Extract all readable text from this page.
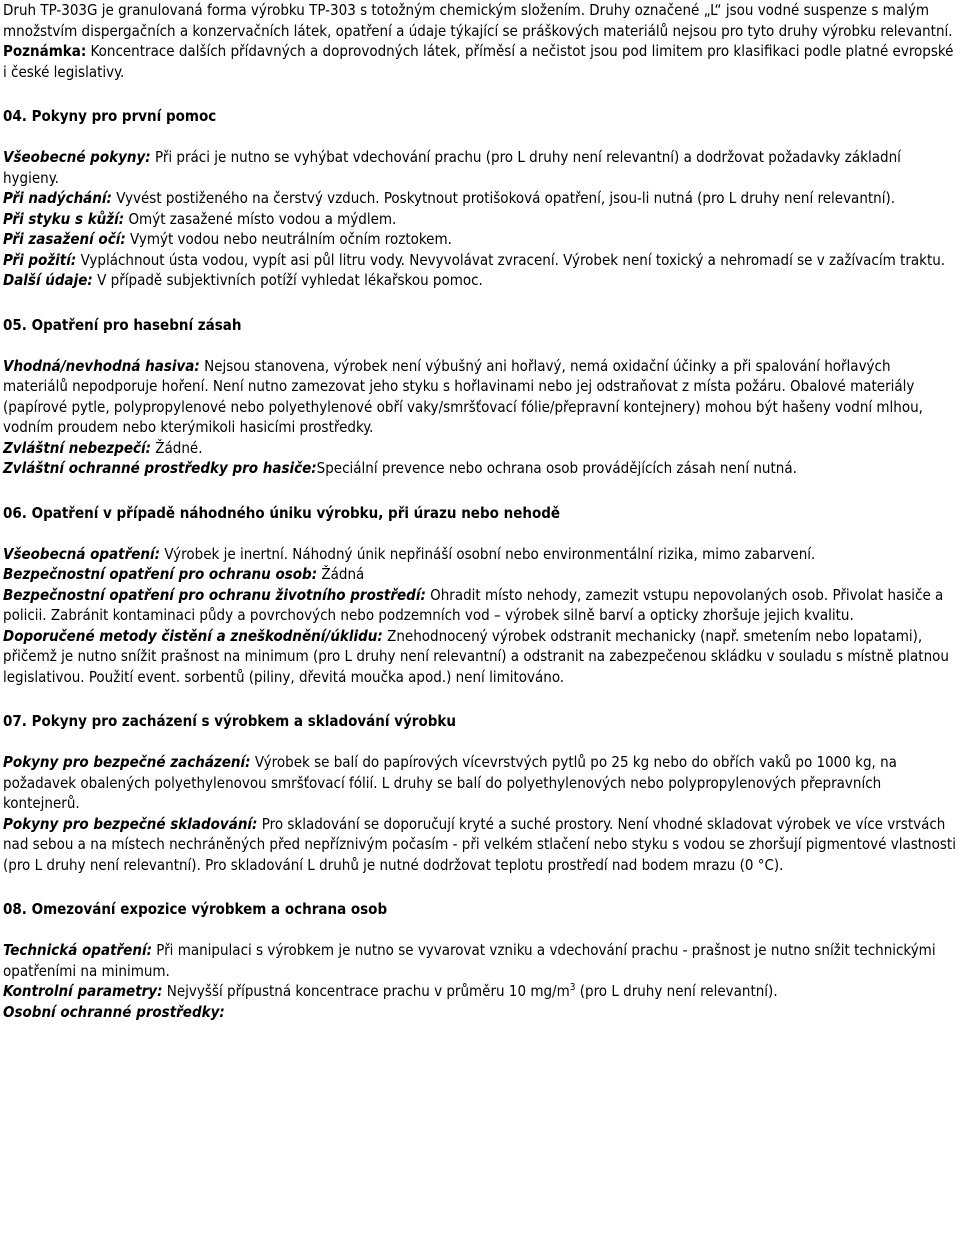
Druh TP-303G je granulovaná forma výrobku TP-303 s totožným chemickým složením. Druhy označené „L“ jsou vodné suspenze s malým množstvím dispergačních a konzervačních látek, opatření a údaje týkající se práškových materiálů nejsou pro tyto druhy výrobku relevantní.

Poznámka: Koncentrace dalších přídavných a doprovodných látek, příměsí a nečistot jsou pod limitem pro klasifikaci podle platné evropské i české legislativy.

04. Pokyny pro první pomoc

Všeobecné pokyny: Při práci je nutno se vyhýbat vdechování prachu (pro L druhy není relevantní) a dodržovat požadavky základní hygieny.

Při nadýchání: Vyvést postiženého na čerstvý vzduch. Poskytnout protišoková opatření, jsou-li nutná (pro L druhy není relevantní).

Při styku s kůží: Omýt zasažené místo vodou a mýdlem.

Při zasažení očí: Vymýt vodou nebo neutrálním očním roztokem.

Při požití: Vypláchnout ústa vodou, vypít asi půl litru vody. Nevyvolávat zvracení. Výrobek není toxický a nehromadí se v zažívacím traktu.

Další údaje: V případě subjektivních potíží vyhledat lékařskou pomoc.

05. Opatření pro hasební zásah

Vhodná/nevhodná hasiva: Nejsou stanovena, výrobek není výbušný ani hořlavý, nemá oxidační účinky a při spalování hořlavých materiálů nepodporuje hoření. Není nutno zamezovat jeho styku s hořlavinami nebo jej odstraňovat z místa požáru. Obalové materiály (papírové pytle, polypropylenové nebo polyethylenové obří vaky/smršťovací fólie/přepravní kontejnery) mohou být hašeny vodní mlhou, vodním proudem nebo kterýmikoli hasicími prostředky.

Zvláštní nebezpečí: Žádné.

Zvláštní ochranné prostředky pro hasiče:Speciální prevence nebo ochrana osob provádějících zásah není nutná.

06. Opatření v případě náhodného úniku výrobku, při úrazu nebo nehodě

Všeobecná opatření: Výrobek je inertní. Náhodný únik nepřináší osobní nebo environmentální rizika, mimo zabarvení.

Bezpečnostní opatření pro ochranu osob: Žádná

Bezpečnostní opatření pro ochranu životního prostředí: Ohradit místo nehody, zamezit vstupu nepovolaných osob. Přivolat hasiče a policii. Zabránit kontaminaci půdy a povrchových nebo podzemních vod – výrobek silně barví a opticky zhoršuje jejich kvalitu.

Doporučené metody čistění a zneškodnění/úklidu: Znehodnocený výrobek odstranit mechanicky (např. smetením nebo lopatami), přičemž je nutno snížit prašnost na minimum (pro L druhy není relevantní) a odstranit na zabezpečenou skládku v souladu s místně platnou legislativou. Použití event. sorbentů (piliny, dřevitá moučka apod.) není limitováno.

07. Pokyny pro zacházení s výrobkem a skladování výrobku

Pokyny pro bezpečné zacházení: Výrobek se balí do papírových vícevrstvých pytlů po 25 kg nebo do obřích vaků po 1000 kg, na požadavek obalených polyethylenovou smršťovací fólií. L druhy se balí do polyethylenových nebo polypropylenových přepravních kontejnerů.

Pokyny pro bezpečné skladování: Pro skladování se doporučují kryté a suché prostory. Není vhodné skladovat výrobek ve více vrstvách nad sebou a na místech nechráněných před nepříznivým počasím - při velkém stlačení nebo styku s vodou se zhoršují pigmentové vlastnosti (pro L druhy není relevantní). Pro skladování L druhů je nutné dodržovat teplotu prostředí nad bodem mrazu (0 °C).

08. Omezování expozice výrobkem a ochrana osob

Technická opatření: Při manipulaci s výrobkem je nutno se vyvarovat vzniku a vdechování prachu - prašnost je nutno snížit technickými opatřeními na minimum.

Kontrolní parametry: Nejvyšší přípustná koncentrace prachu v průměru 10 $mg/m^3$ (pro L druhy není relevantní).

Osobní ochranné prostředky:
